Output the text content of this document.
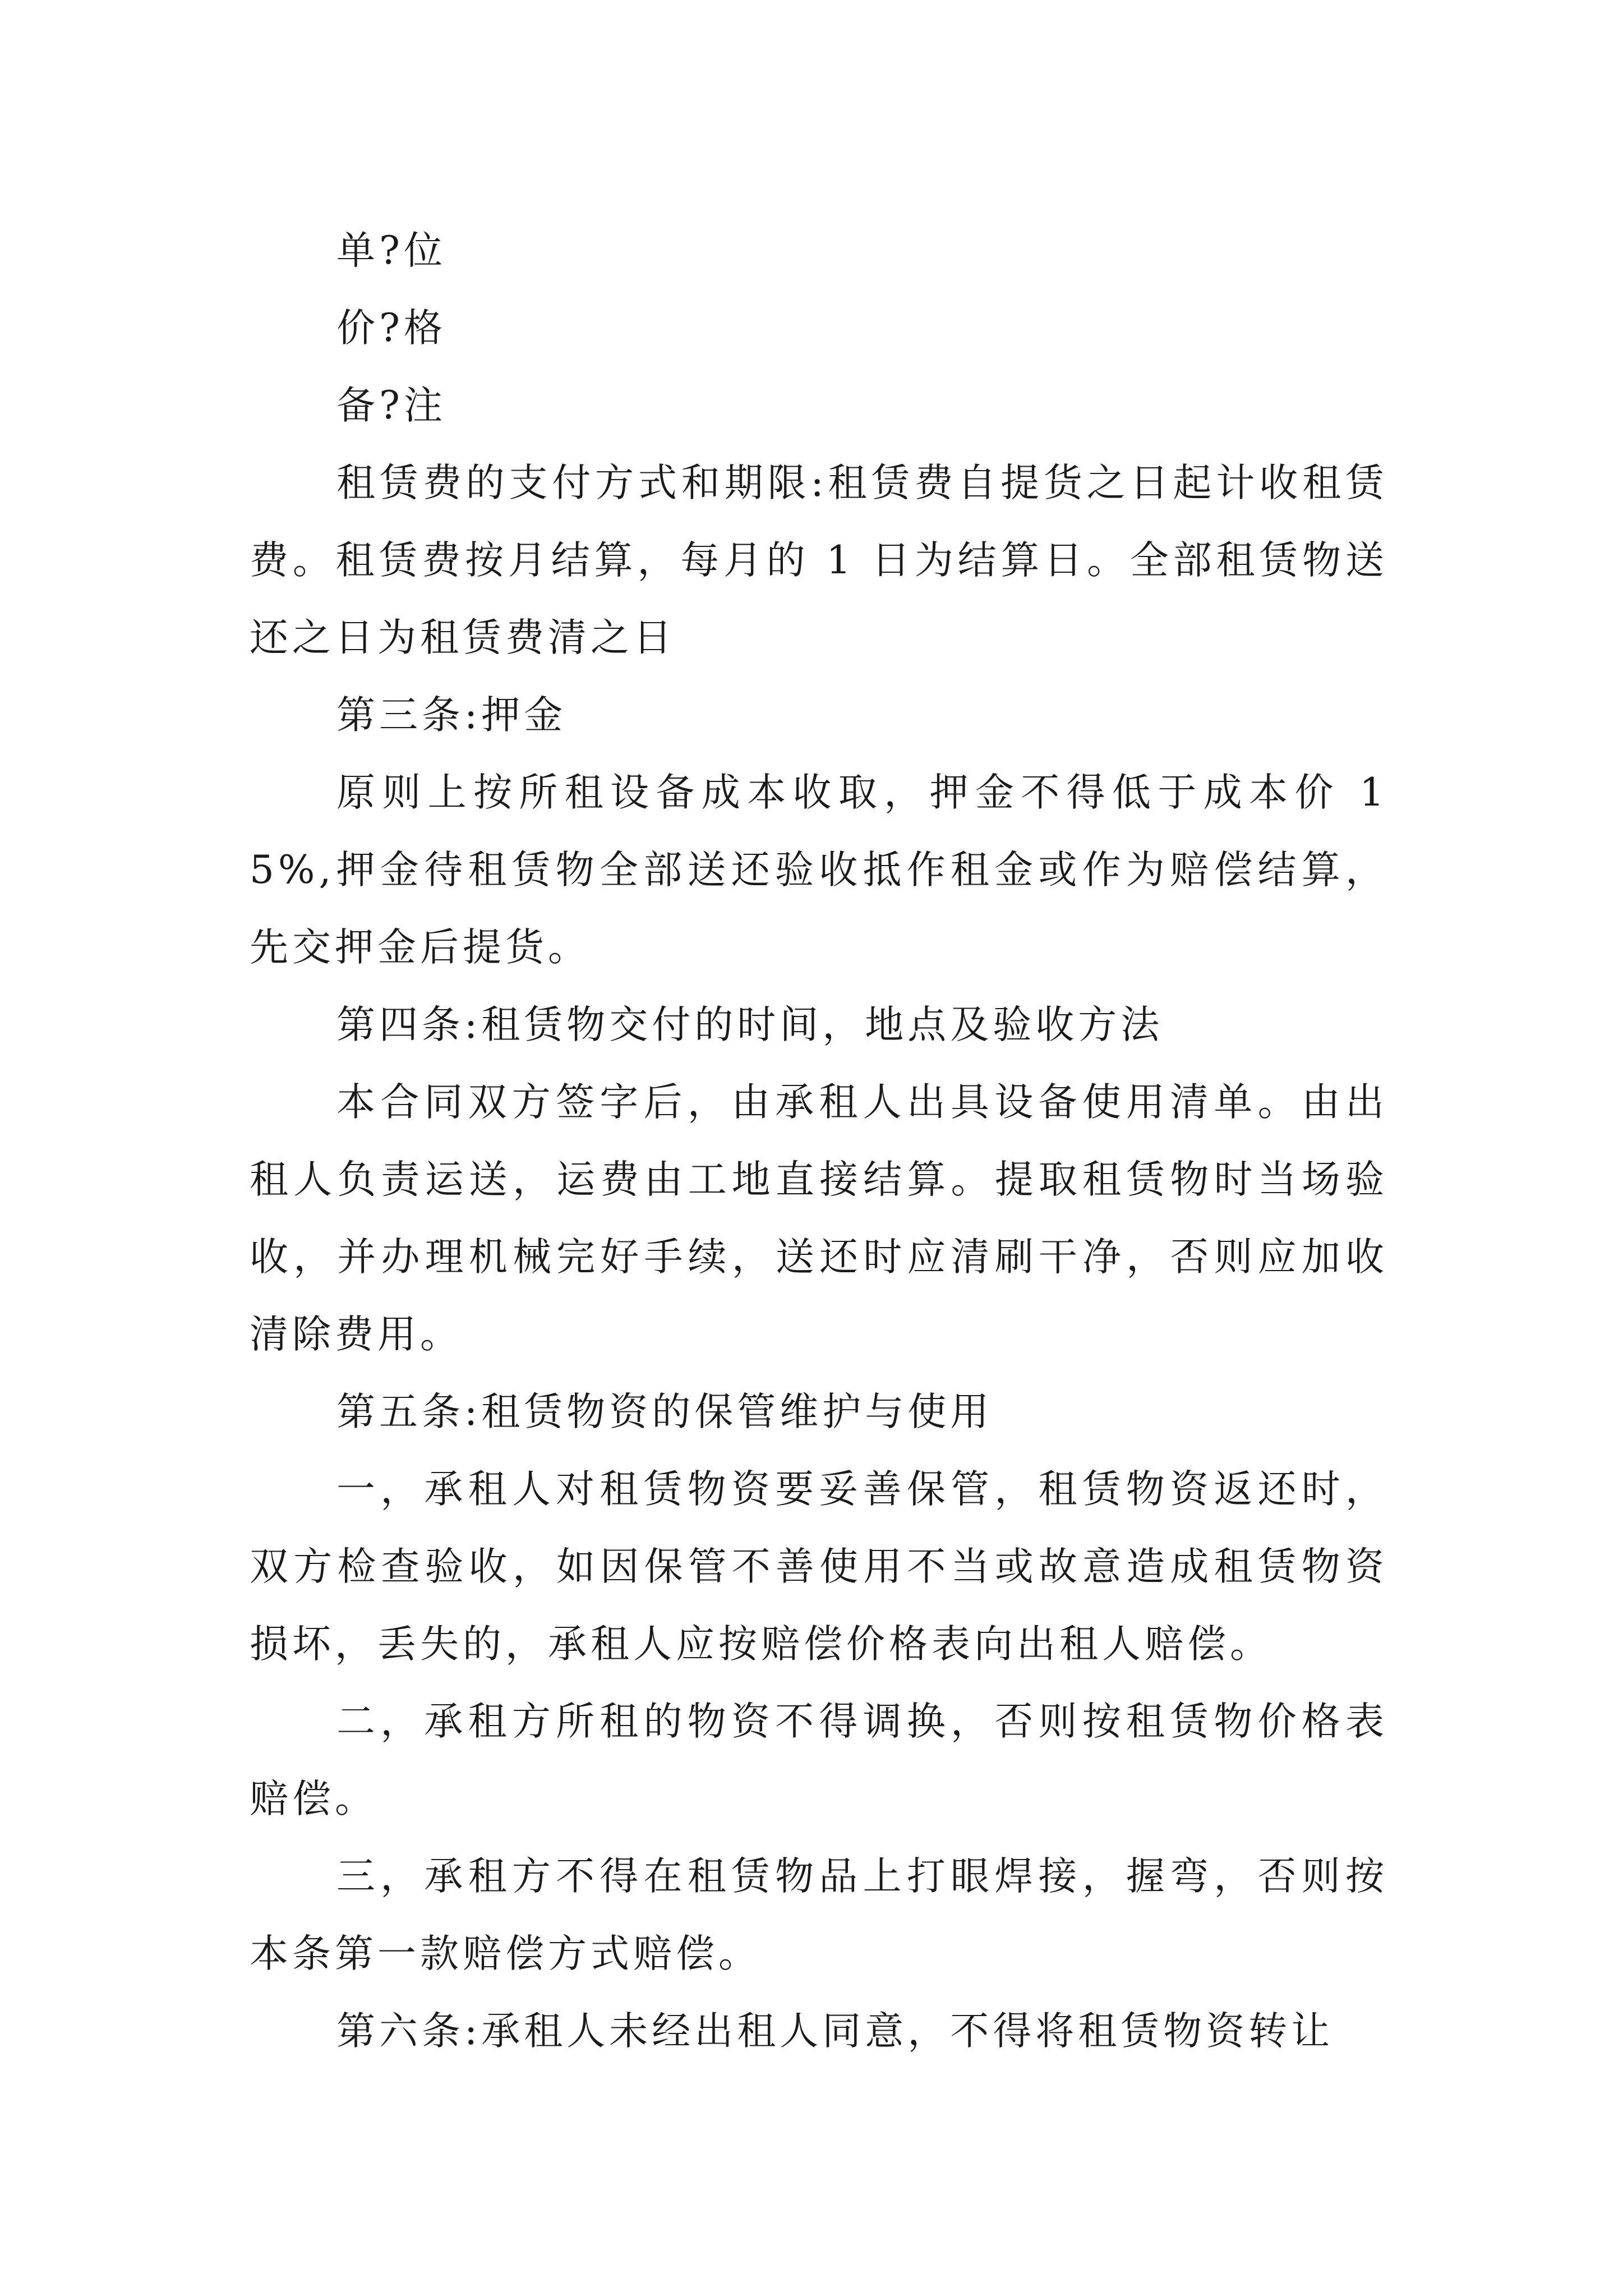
单?位

价?格

备?注

租赁费的支付方式和期限:租赁费自提货之日起计收租赁费。租赁费按月结算，每月的 1 日为结算日。全部租赁物送还之日为租赁费清之日

第三条:押金

原则上按所租设备成本收取，押金不得低于成本价 15%,押金待租赁物全部送还验收抵作租金或作为赔偿结算，先交押金后提货。

第四条:租赁物交付的时间，地点及验收方法

本合同双方签字后，由承租人出具设备使用清单。由出租人负责运送，运费由工地直接结算。提取租赁物时当场验收，并办理机械完好手续，送还时应清刷干净，否则应加收清除费用。

第五条:租赁物资的保管维护与使用

一，承租人对租赁物资要妥善保管，租赁物资返还时，双方检查验收，如因保管不善使用不当或故意造成租赁物资损坏，丢失的，承租人应按赔偿价格表向出租人赔偿。

二，承租方所租的物资不得调换，否则按租赁物价格表赔偿。

三，承租方不得在租赁物品上打眼焊接，握弯，否则按本条第一款赔偿方式赔偿。

第六条:承租人未经出租人同意，不得将租赁物资转让
